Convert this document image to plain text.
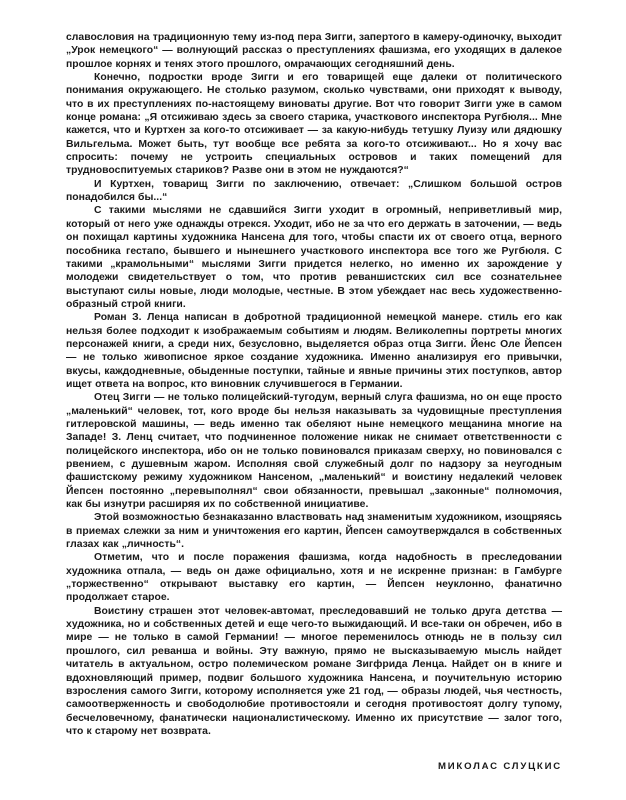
славословия на традиционную тему из-под пера Зигги, запертого в камеру-одиночку, выходит „Урок немецкого“ — волнующий рассказ о преступлениях фашизма, его уходящих в далекое прошлое корнях и тенях этого прошлого, омрачающих сегодняшний день.

Конечно, подростки вроде Зигги и его товарищей еще далеки от политического понимания окружающего. Не столько разумом, сколько чувствами, они приходят к выводу, что в их преступлениях по-настоящему виноваты другие. Вот что говорит Зигги уже в самом конце романа: „Я отсиживаю здесь за своего старика, участкового инспектора Ругбюля... Мне кажется, что и Куртхен за кого-то отсиживает — за какую-нибудь тетушку Луизу или дядюшку Вильгельма. Может быть, тут вообще все ребята за кого-то отсиживают... Но я хочу вас спросить: почему не устроить специальных островов и таких помещений для трудновоспитуемых стариков? Разве они в этом не нуждаются?“

И Куртхен, товарищ Зигги по заключению, отвечает: „Слишком большой остров понадобился бы...“

С такими мыслями не сдавшийся Зигги уходит в огромный, неприветливый мир, который от него уже однажды отрекся. Уходит, ибо не за что его держать в заточении, — ведь он похищал картины художника Нансена для того, чтобы спасти их от своего отца, верного пособника гестапо, бывшего и нынешнего участкового инспектора все того же Ругбюля. С такими „крамольными“ мыслями Зигги придется нелегко, но именно их зарождение у молодежи свидетельствует о том, что против реваншистских сил все сознательнее выступают силы новые, люди молодые, честные. В этом убеждает нас весь художественно-образный строй книги.

Роман З. Ленца написан в добротной традиционной немецкой манере. стиль его как нельзя более подходит к изображаемым событиям и людям. Великолепны портреты многих персонажей книги, а среди них, безусловно, выделяется образ отца Зигги. Йенс Оле Йепсен — не только живописное яркое создание художника. Именно анализируя его привычки, вкусы, каждодневные, обыденные поступки, тайные и явные причины этих поступков, автор ищет ответа на вопрос, кто виновник случившегося в Германии.

Отец Зигги — не только полицейский-тугодум, верный слуга фашизма, но он еще просто „маленький“ человек, тот, кого вроде бы нельзя наказывать за чудовищные преступления гитлеровской машины, — ведь именно так обеляют ныне немецкого мещанина многие на Западе! З. Ленц считает, что подчиненное положение никак не снимает ответственности с полицейского инспектора, ибо он не только повиновался приказам сверху, но повиновался с рвением, с душевным жаром. Исполняя свой служебный долг по надзору за неугодным фашистскому режиму художником Нансеном, „маленький“ и воистину недалекий человек Йепсен постоянно „перевыполнял“ свои обязанности, превышал „законные“ полномочия, как бы изнутри расширяя их по собственной инициативе.

Этой возможностью безнаказанно властвовать над знаменитым художником, изощряясь в приемах слежки за ним и уничтожения его картин, Йепсен самоутверждался в собственных глазах как „личность“.

Отметим, что и после поражения фашизма, когда надобность в преследовании художника отпала, — ведь он даже официально, хотя и не искренне признан: в Гамбурге „торжественно“ открывают выставку его картин, — Йепсен неуклонно, фанатично продолжает старое.

Воистину страшен этот человек-автомат, преследовавший не только друга детства — художника, но и собственных детей и еще чего-то выжидающий. И все-таки он обречен, ибо в мире — не только в самой Германии! — многое переменилось отнюдь не в пользу сил прошлого, сил реванша и войны. Эту важную, прямо не высказываемую мысль найдет читатель в актуальном, остро полемическом романе Зигфрида Ленца. Найдет он в книге и вдохновляющий пример, подвиг большого художника Нансена, и поучительную историю взросления самого Зигги, которому исполняется уже 21 год, — образы людей, чья честность, самоотверженность и свободолюбие противостояли и сегодня противостоят долгу тупому, бесчеловечному, фанатически националистическому. Именно их присутствие — залог того, что к старому нет возврата.

МИКОЛАС СЛУЦКИС
